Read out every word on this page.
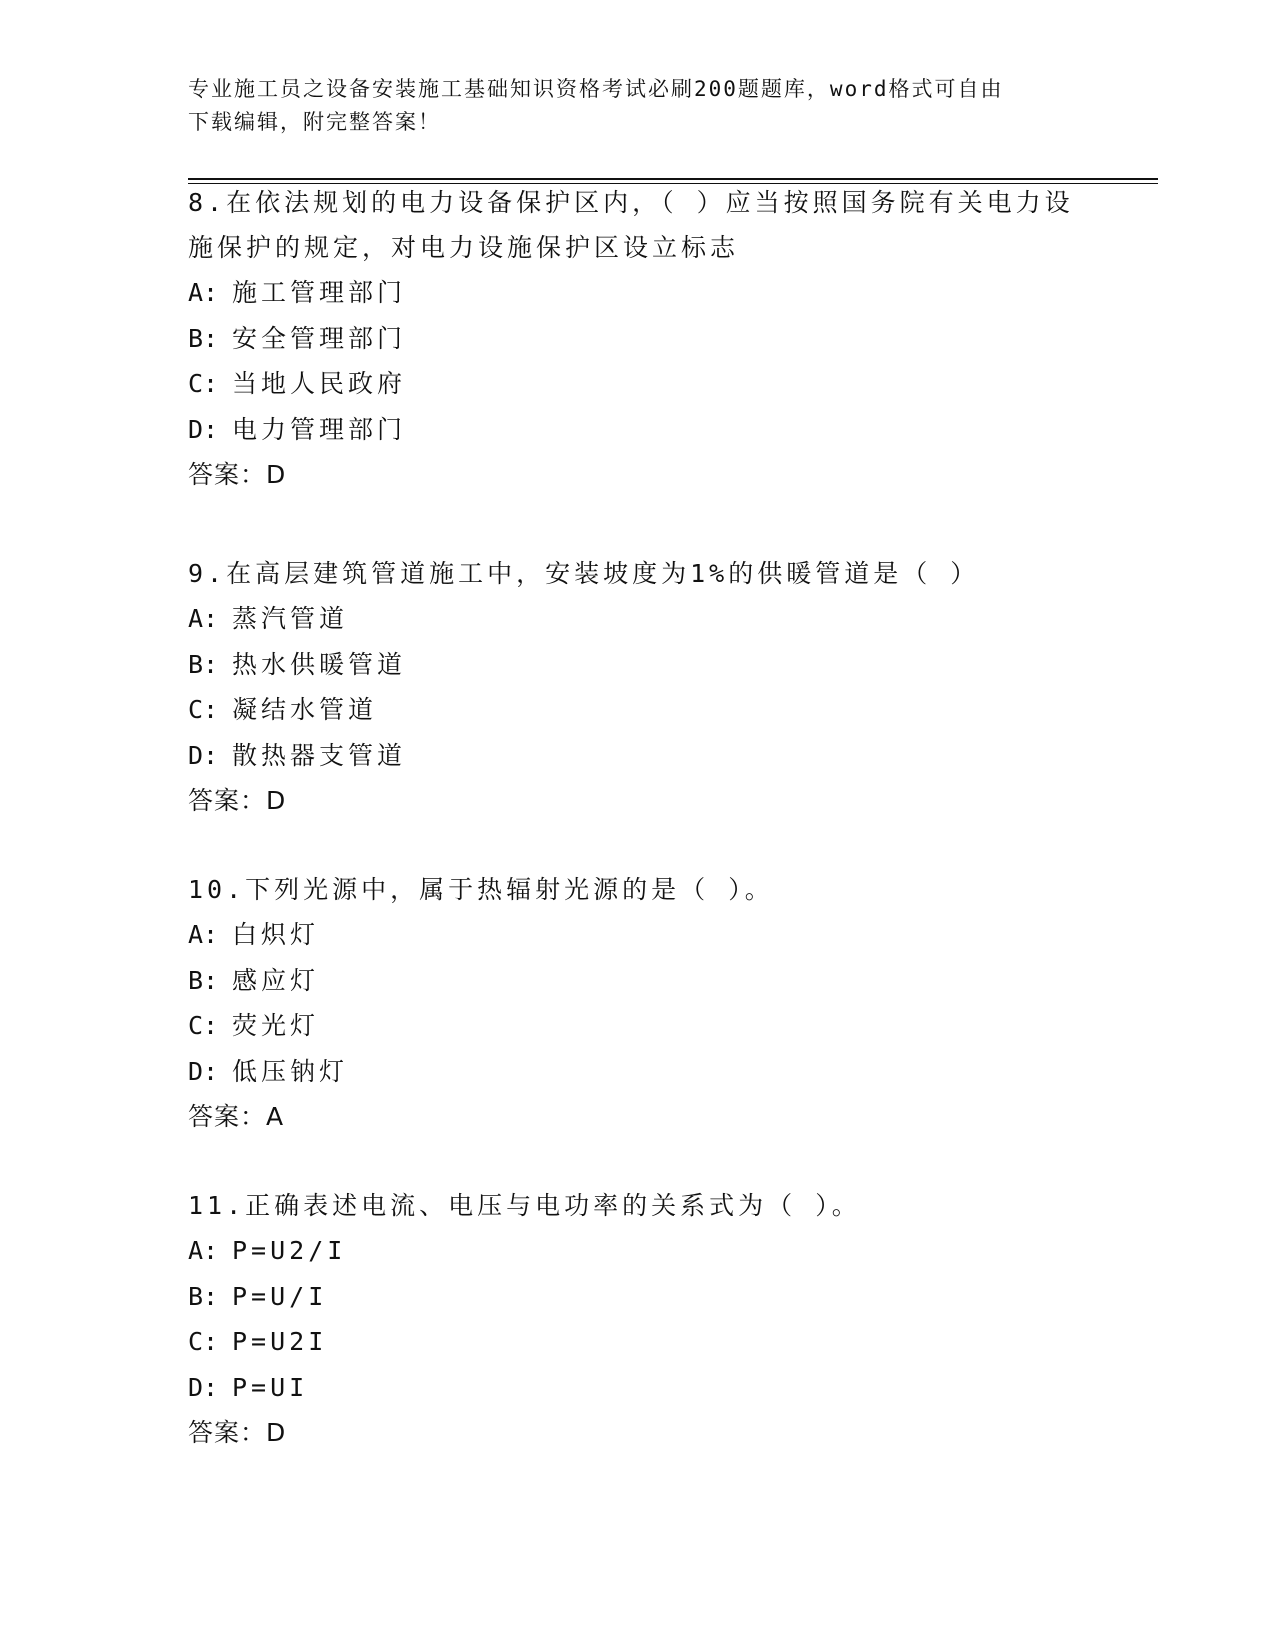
专业施工员之设备安装施工基础知识资格考试必刷200题题库，word格式可自由
下载编辑，附完整答案！
8.在依法规划的电力设备保护区内，（ ）应当按照国务院有关电力设
施保护的规定，对电力设施保护区设立标志
A: 施工管理部门
B: 安全管理部门
C: 当地人民政府
D: 电力管理部门
答案：D
9.在高层建筑管道施工中，安装坡度为1%的供暖管道是（ ）
A: 蒸汽管道
B: 热水供暖管道
C: 凝结水管道
D: 散热器支管道
答案：D
10.下列光源中，属于热辐射光源的是（ ）。
A: 白炽灯
B: 感应灯
C: 荧光灯
D: 低压钠灯
答案：A
11.正确表述电流、电压与电功率的关系式为（ ）。
A: P=U2/I
B: P=U/I
C: P=U2I
D: P=UI
答案：D
